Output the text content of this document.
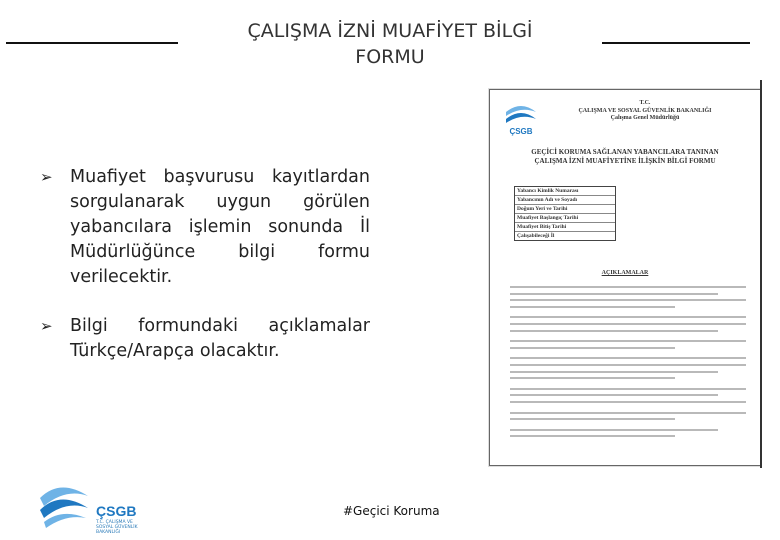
ÇALIŞMA İZNİ MUAFİYET BİLGİ
FORMU
➢ Muafiyet başvurusu kayıtlardan sorgulanarak uygun görülen yabancılara işlemin sonunda İl Müdürlüğünce bilgi formu verilecektir.
➢ Bilgi formundaki açıklamalar Türkçe/Arapça olacaktır.
ÇSGB
T.C.
ÇALIŞMA VE SOSYAL GÜVENLİK BAKANLIĞI
Çalışma Genel Müdürlüğü
GEÇİCİ KORUMA SAĞLANAN YABANCILARA TANINAN
ÇALIŞMA İZNİ MUAFİYETİNE İLİŞKİN BİLGİ FORMU
Yabancı Kimlik Numarası
Yabancının Adı ve Soyadı
Doğum Yeri ve Tarihi
Muafiyet Başlangıç Tarihi
Muafiyet Bitiş Tarihi
Çalışabileceği İl
AÇIKLAMALAR
ÇSGB
T.C. ÇALIŞMA VE SOSYAL GÜVENLİK BAKANLIĞI
#Geçici Koruma
